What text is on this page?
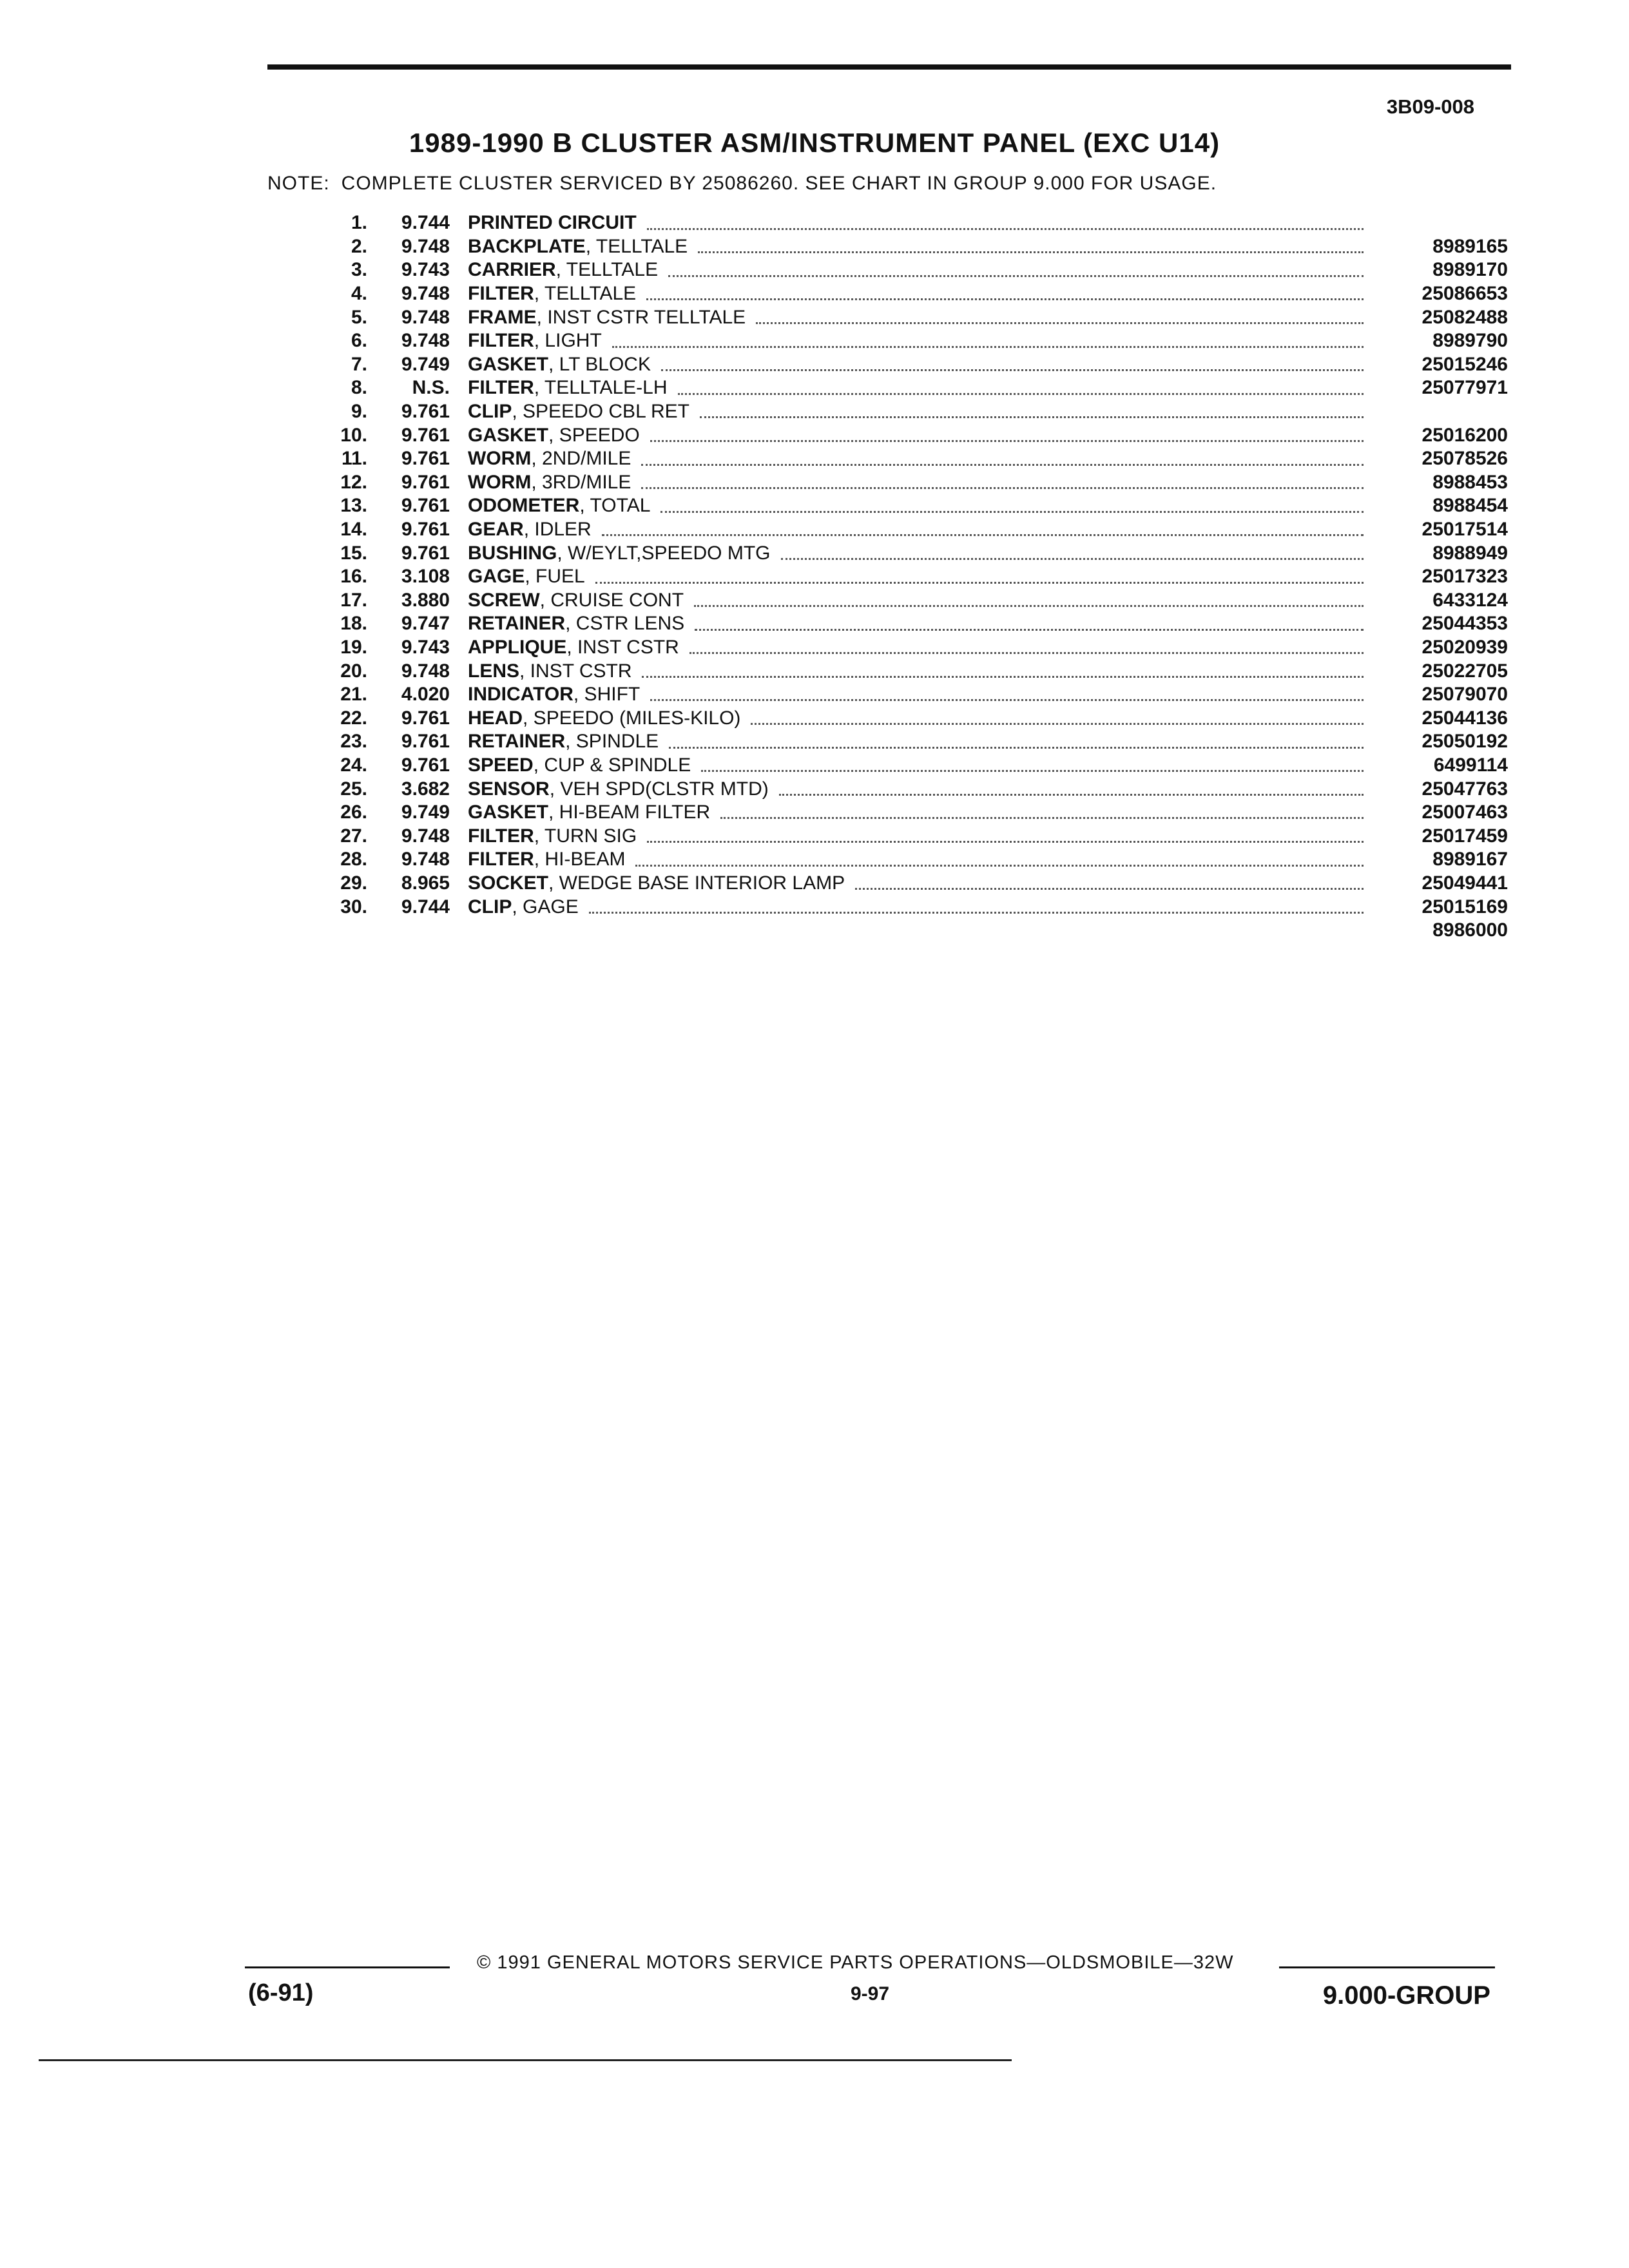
3B09-008
1989-1990 B CLUSTER ASM/INSTRUMENT PANEL (EXC U14)
NOTE: COMPLETE CLUSTER SERVICED BY 25086260. SEE CHART IN GROUP 9.000 FOR USAGE.
1.	9.744 PRINTED CIRCUIT
2.	9.748 BACKPLATE, TELLTALE	8989165
3.	9.743 CARRIER, TELLTALE	8989170
4.	9.748 FILTER, TELLTALE	25086653
5.	9.748 FRAME, INST CSTR TELLTALE	25082488
6.	9.748 FILTER, LIGHT	8989790
7.	9.749 GASKET, LT BLOCK	25015246
8.	N.S. FILTER, TELLTALE-LH	25077971
9.	9.761 CLIP, SPEEDO CBL RET
10.	9.761 GASKET, SPEEDO	25016200
11.	9.761 WORM, 2ND/MILE	25078526
12.	9.761 WORM, 3RD/MILE	8988453
13.	9.761 ODOMETER, TOTAL	8988454
14.	9.761 GEAR, IDLER	25017514
15.	9.761 BUSHING, W/EYLT,SPEEDO MTG	8988949
16.	3.108 GAGE, FUEL	25017323
17.	3.880 SCREW, CRUISE CONT	6433124
18.	9.747 RETAINER, CSTR LENS	25044353
19.	9.743 APPLIQUE, INST CSTR	25020939
20.	9.748 LENS, INST CSTR	25022705
21.	4.020 INDICATOR, SHIFT	25079070
22.	9.761 HEAD, SPEEDO (MILES-KILO)	25044136
23.	9.761 RETAINER, SPINDLE	25050192
24.	9.761 SPEED, CUP & SPINDLE	6499114
25.	3.682 SENSOR, VEH SPD(CLSTR MTD)	25047763
26.	9.749 GASKET, HI-BEAM FILTER	25007463
27.	9.748 FILTER, TURN SIG	25017459
28.	9.748 FILTER, HI-BEAM	8989167
29.	8.965 SOCKET, WEDGE BASE INTERIOR LAMP	25049441
30.	9.744 CLIP, GAGE	25015169
8986000
© 1991 GENERAL MOTORS SERVICE PARTS OPERATIONS—OLDSMOBILE—32W
(6-91)	9-97	9.000-GROUP
